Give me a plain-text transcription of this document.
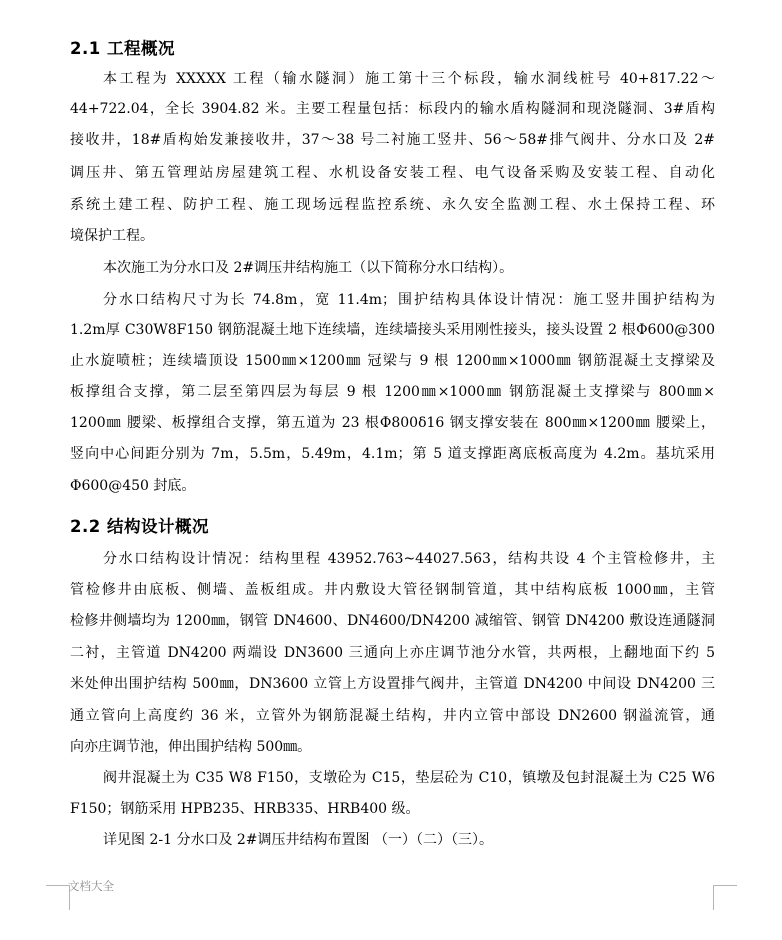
2.1 工程概况
本工程为 XXXXX 工程（输水隧洞）施工第十三个标段，输水洞线桩号 40+817.22～
44+722.04，全长 3904.82 米。主要工程量包括：标段内的输水盾构隧洞和现浇隧洞、3#盾构
接收井，18#盾构始发兼接收井，37～38 号二衬施工竖井、56～58#排气阀井、分水口及 2#
调压井、第五管理站房屋建筑工程、水机设备安装工程、电气设备采购及安装工程、自动化
系统土建工程、防护工程、施工现场远程监控系统、永久安全监测工程、水土保持工程、环
境保护工程。
本次施工为分水口及 2#调压井结构施工（以下简称分水口结构）。
分水口结构尺寸为长 74.8m，宽 11.4m；围护结构具体设计情况：施工竖井围护结构为
1.2m厚 C30W8F150 钢筋混凝土地下连续墙，连续墙接头采用刚性接头，接头设置 2 根Φ600@300
止水旋喷桩；连续墙顶设 1500㎜×1200㎜ 冠梁与 9 根 1200㎜×1000㎜ 钢筋混凝土支撑梁及
板撑组合支撑，第二层至第四层为每层 9 根 1200㎜×1000㎜ 钢筋混凝土支撑梁与 800㎜×
1200㎜ 腰梁、板撑组合支撑，第五道为 23 根Φ800δ16 钢支撑安装在 800㎜×1200㎜ 腰梁上，
竖向中心间距分别为 7m，5.5m，5.49m，4.1m；第 5 道支撑距离底板高度为 4.2m。基坑采用
Φ600@450 封底。
2.2 结构设计概况
分水口结构设计情况：结构里程 43952.763~44027.563，结构共设 4 个主管检修井，主
管检修井由底板、侧墙、盖板组成。井内敷设大管径钢制管道，其中结构底板 1000㎜，主管
检修井侧墙均为 1200㎜，钢管 DN4600、DN4600/DN4200 减缩管、钢管 DN4200 敷设连通隧洞
二衬，主管道 DN4200 两端设 DN3600 三通向上亦庄调节池分水管，共两根，上翻地面下约 5
米处伸出围护结构 500㎜，DN3600 立管上方设置排气阀井，主管道 DN4200 中间设 DN4200 三
通立管向上高度约 36 米，立管外为钢筋混凝土结构，井内立管中部设 DN2600 钢溢流管，通
向亦庄调节池，伸出围护结构 500㎜。
阀井混凝土为 C35 W8 F150，支墩砼为 C15，垫层砼为 C10，镇墩及包封混凝土为 C25 W6
F150；钢筋采用 HPB235、HRB335、HRB400 级。
详见图 2-1 分水口及 2#调压井结构布置图 （一）（二）（三）。
文档大全
